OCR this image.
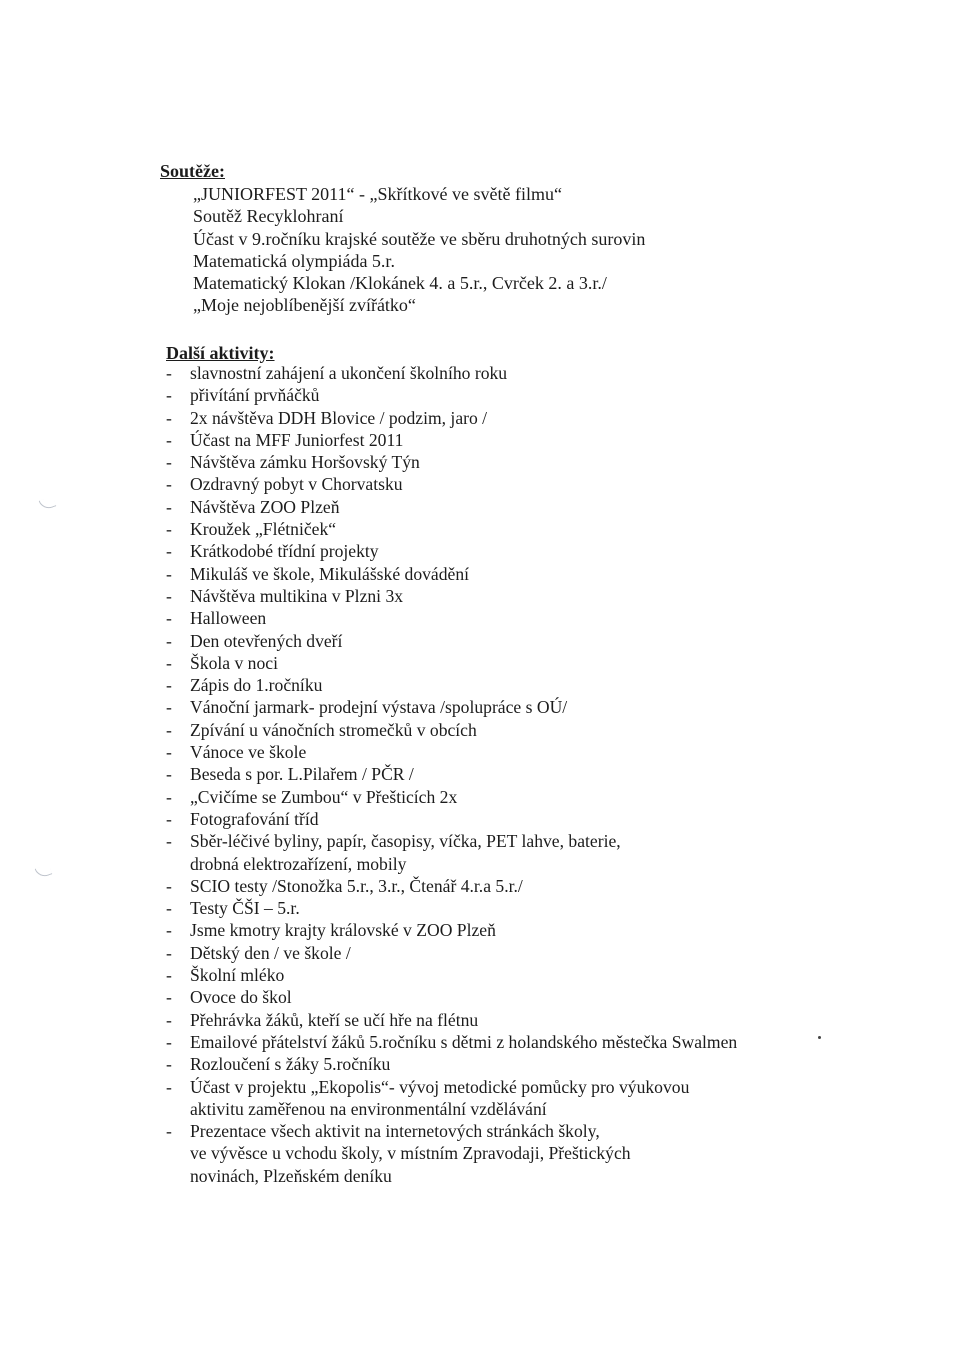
Soutěže:
„JUNIORFEST 2011“ - „Skřítkové ve světě filmu“
Soutěž Recyklohraní
Účast v 9.ročníku krajské soutěže ve sběru druhotných surovin
Matematická olympiáda 5.r.
Matematický Klokan /Klokánek 4. a 5.r., Cvrček 2. a 3.r./
„Moje nejoblíbenější zvířátko“
Další aktivity:
- slavnostní zahájení a ukončení školního roku
- přivítání prvňáčků
- 2x návštěva DDH Blovice / podzim, jaro /
- Účast na MFF Juniorfest 2011
- Návštěva zámku Horšovský Týn
- Ozdravný pobyt v Chorvatsku
- Návštěva ZOO Plzeň
- Kroužek „Flétniček“
- Krátkodobé třídní projekty
- Mikuláš ve škole, Mikulášské dovádění
- Návštěva multikina v Plzni 3x
- Halloween
- Den otevřených dveří
- Škola v noci
- Zápis do 1.ročníku
- Vánoční jarmark- prodejní výstava /spolupráce s OÚ/
- Zpívání u vánočních stromečků v obcích
- Vánoce ve škole
- Beseda s por. L.Pilařem / PČR /
- „Cvičíme se Zumbou“ v Přešticích 2x
- Fotografování tříd
- Sběr-léčivé byliny, papír, časopisy, víčka, PET lahve, baterie,
drobná elektrozařízení, mobily
- SCIO testy /Stonožka 5.r., 3.r., Čtenář 4.r.a 5.r./
- Testy ČŠI – 5.r.
- Jsme kmotry krajty královské v ZOO Plzeň
- Dětský den / ve škole /
- Školní mléko
- Ovoce do škol
- Přehrávka žáků, kteří se učí hře na flétnu
- Emailové přátelství žáků 5.ročníku s dětmi z holandského městečka Swalmen
- Rozloučení s žáky 5.ročníku
- Účast v projektu „Ekopolis“- vývoj metodické pomůcky pro výukovou
aktivitu zaměřenou na environmentální vzdělávání
- Prezentace všech aktivit na internetových stránkách školy,
ve vývěsce u vchodu školy, v místním Zpravodaji, Přeštických
novinách, Plzeňském deníku
